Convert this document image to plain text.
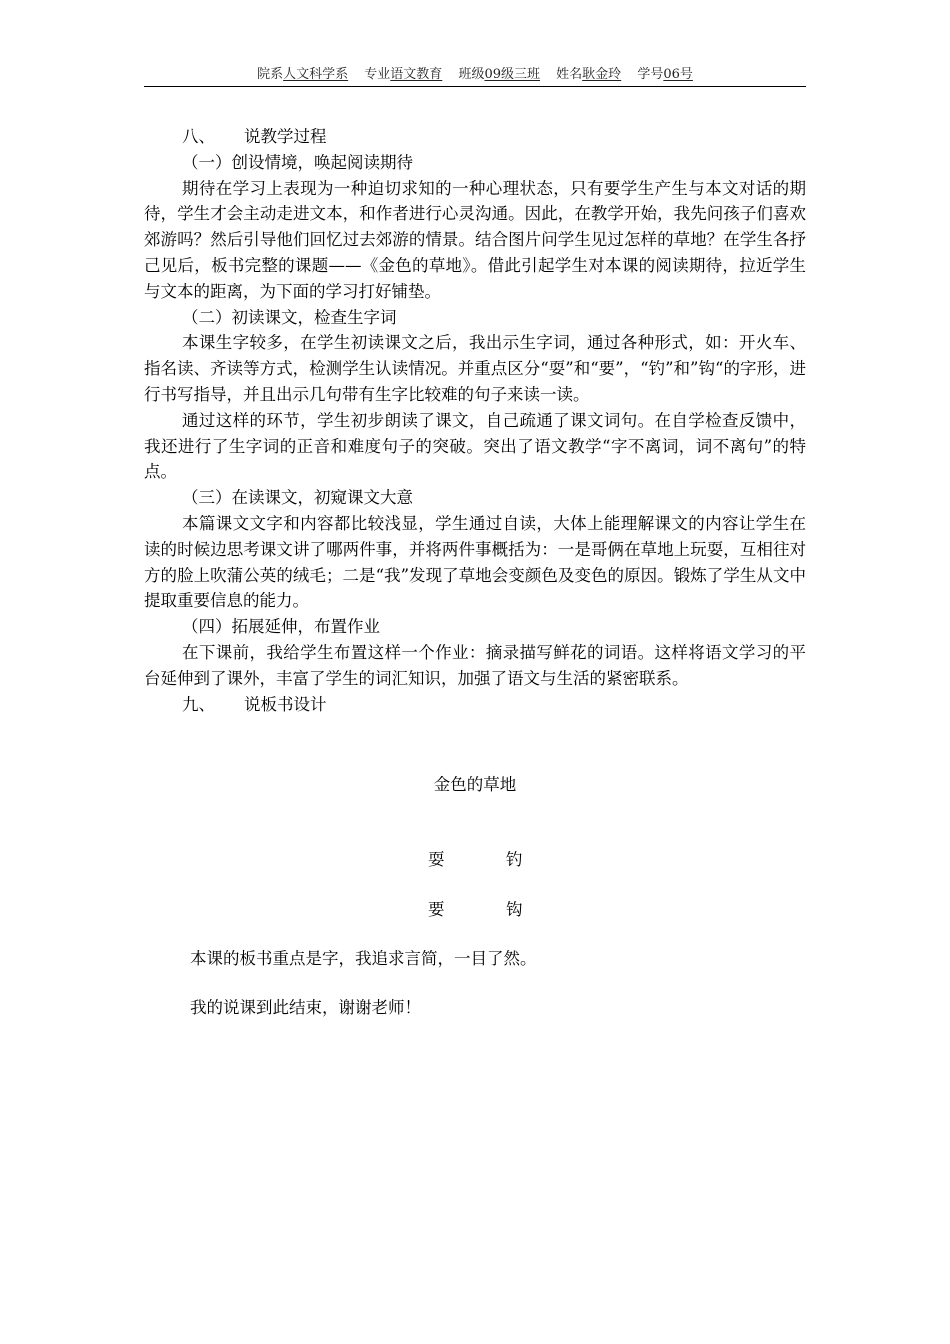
院系人文科学系 专业语文教育 班级09级三班 姓名耿金玲 学号06号

八、 说教学过程

（一）创设情境，唤起阅读期待

期待在学习上表现为一种迫切求知的一种心理状态，只有要学生产生与本文对话的期待，学生才会主动走进文本，和作者进行心灵沟通。因此，在教学开始，我先问孩子们喜欢郊游吗？然后引导他们回忆过去郊游的情景。结合图片问学生见过怎样的草地？在学生各抒己见后，板书完整的课题——《金色的草地》。借此引起学生对本课的阅读期待，拉近学生与文本的距离，为下面的学习打好铺垫。

（二）初读课文，检查生字词

本课生字较多，在学生初读课文之后，我出示生字词，通过各种形式，如：开火车、指名读、齐读等方式，检测学生认读情况。并重点区分“耍”和“要”，“钓”和”钩“的字形，进行书写指导，并且出示几句带有生字比较难的句子来读一读。

通过这样的环节，学生初步朗读了课文，自己疏通了课文词句。在自学检查反馈中，我还进行了生字词的正音和难度句子的突破。突出了语文教学“字不离词，词不离句”的特点。

（三）在读课文，初窥课文大意

本篇课文文字和内容都比较浅显，学生通过自读，大体上能理解课文的内容让学生在读的时候边思考课文讲了哪两件事，并将两件事概括为：一是哥俩在草地上玩耍，互相往对方的脸上吹蒲公英的绒毛；二是“我”发现了草地会变颜色及变色的原因。锻炼了学生从文中提取重要信息的能力。

（四）拓展延伸，布置作业

在下课前，我给学生布置这样一个作业：摘录描写鲜花的词语。这样将语文学习的平台延伸到了课外，丰富了学生的词汇知识，加强了语文与生活的紧密联系。

九、 说板书设计

金色的草地
耍	钓
要	钩
本课的板书重点是字，我追求言简，一目了然。
我的说课到此结束，谢谢老师！
